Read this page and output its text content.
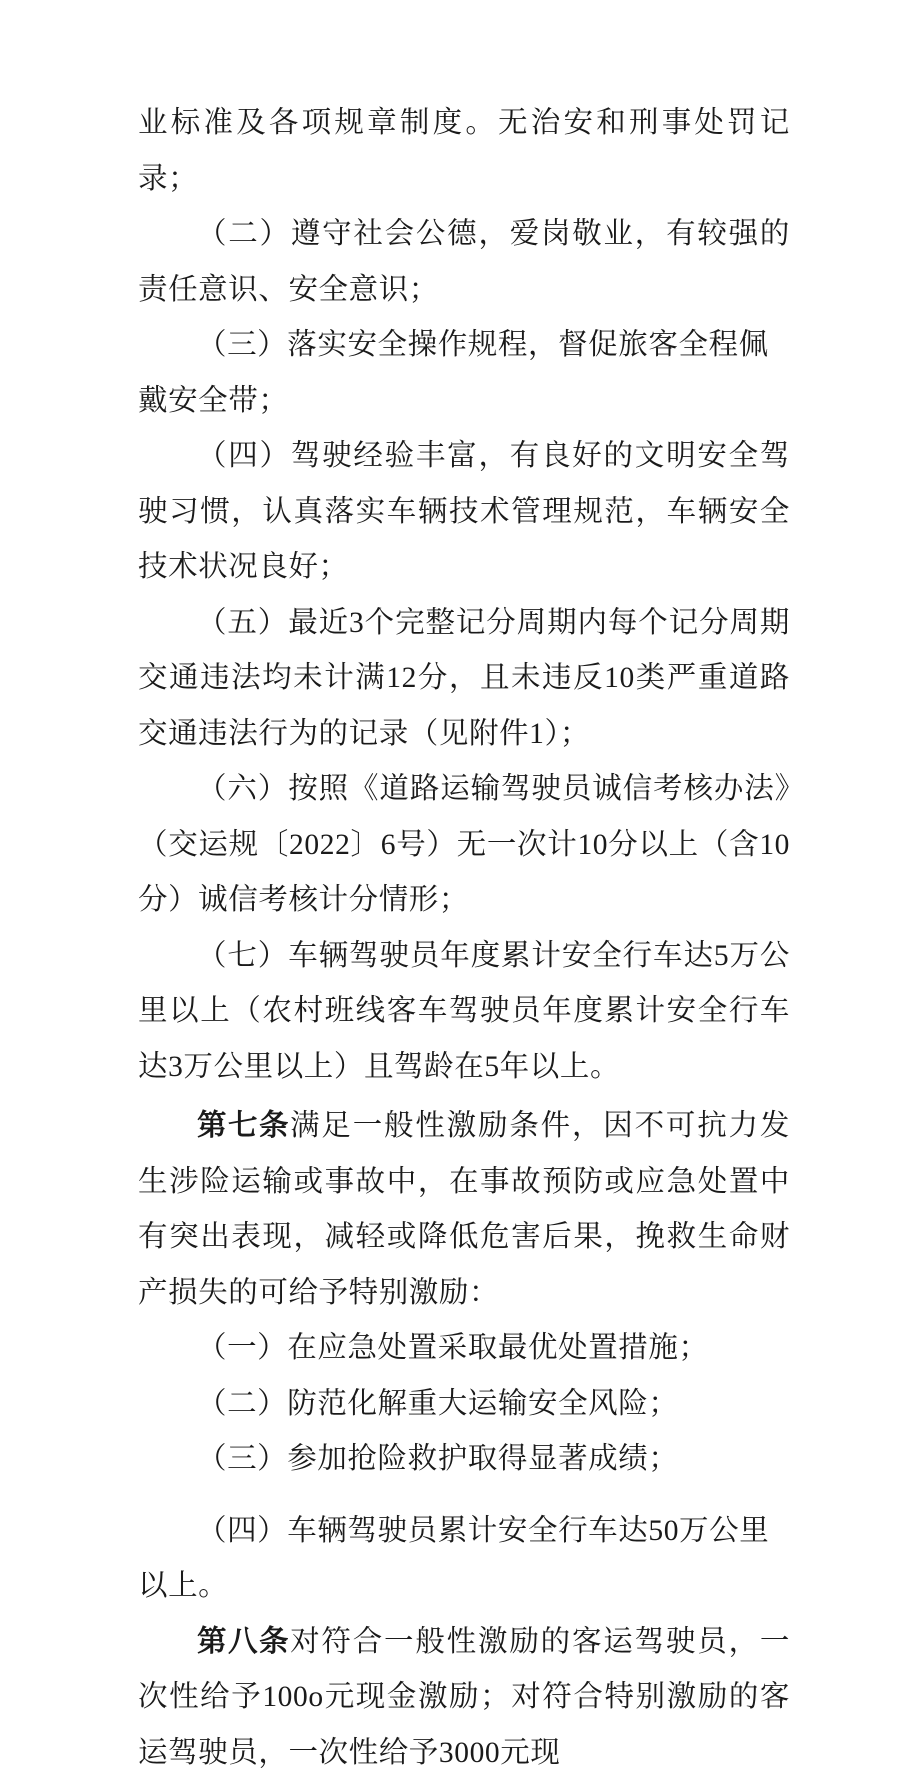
业标准及各项规章制度。无治安和刑事处罚记录；

（二）遵守社会公德，爱岗敬业，有较强的责任意识、安全意识；

（三）落实安全操作规程，督促旅客全程佩戴安全带；

（四）驾驶经验丰富，有良好的文明安全驾驶习惯，认真落实车辆技术管理规范，车辆安全技术状况良好；

（五）最近3个完整记分周期内每个记分周期交通违法均未计满12分，且未违反10类严重道路交通违法行为的记录（见附件1）；

（六）按照《道路运输驾驶员诚信考核办法》（交运规〔2022〕6号）无一次计10分以上（含10分）诚信考核计分情形；

（七）车辆驾驶员年度累计安全行车达5万公里以上（农村班线客车驾驶员年度累计安全行车达3万公里以上）且驾龄在5年以上。

第七条满足一般性激励条件，因不可抗力发生涉险运输或事故中，在事故预防或应急处置中有突出表现，减轻或降低危害后果，挽救生命财产损失的可给予特别激励：

（一）在应急处置采取最优处置措施；

（二）防范化解重大运输安全风险；

（三）参加抢险救护取得显著成绩；

（四）车辆驾驶员累计安全行车达50万公里以上。

第八条对符合一般性激励的客运驾驶员，一次性给予100o元现金激励；对符合特别激励的客运驾驶员，一次性给予3000元现
